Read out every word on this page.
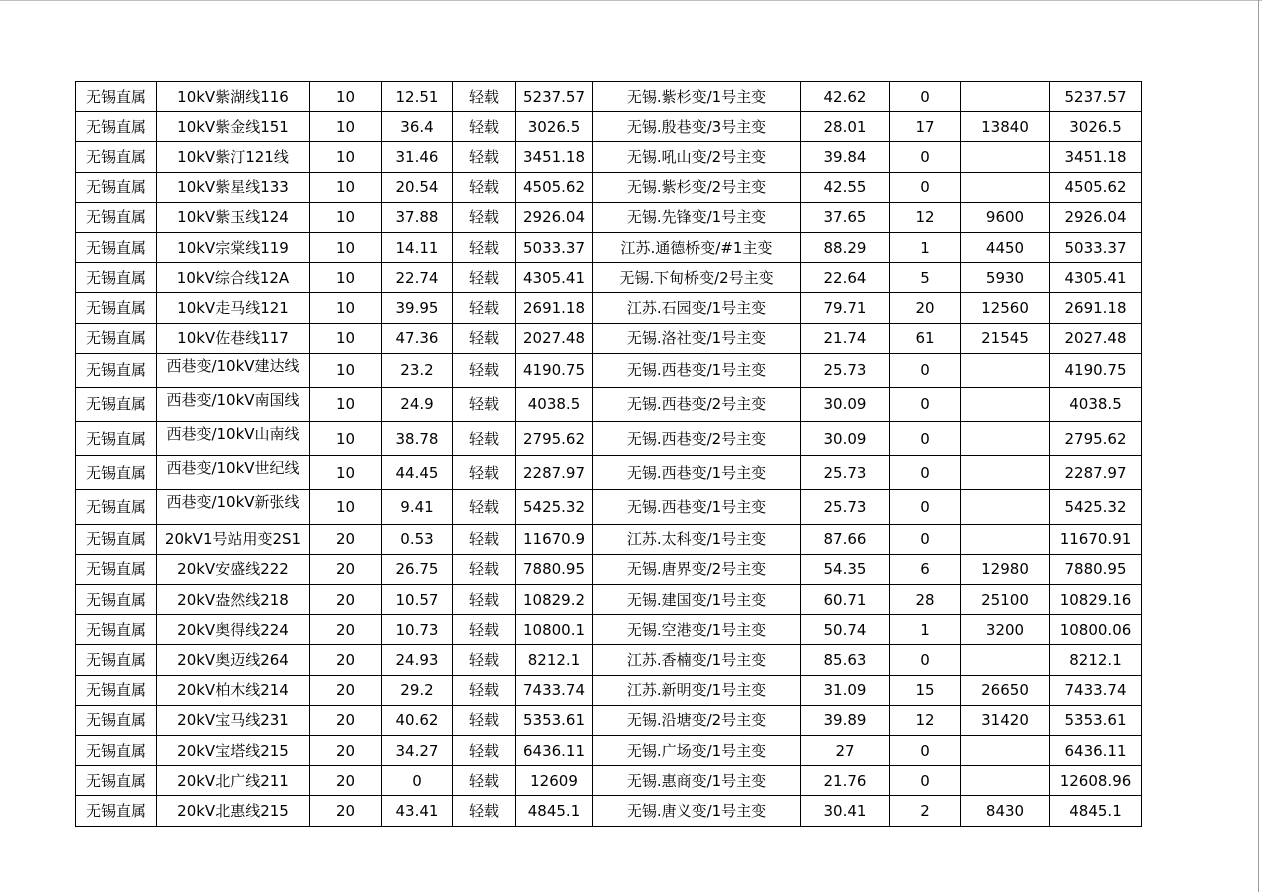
无锡直属	10kV紫湖线116	10	12.51	轻载	5237.57	无锡.紫杉变/1号主变	42.62	0		5237.57
无锡直属	10kV紫金线151	10	36.4	轻载	3026.5	无锡.殷巷变/3号主变	28.01	17	13840	3026.5
无锡直属	10kV紫汀121线	10	31.46	轻载	3451.18	无锡.吼山变/2号主变	39.84	0		3451.18
无锡直属	10kV紫星线133	10	20.54	轻载	4505.62	无锡.紫杉变/2号主变	42.55	0		4505.62
无锡直属	10kV紫玉线124	10	37.88	轻载	2926.04	无锡.先锋变/1号主变	37.65	12	9600	2926.04
无锡直属	10kV宗棠线119	10	14.11	轻载	5033.37	江苏.通德桥变/#1主变	88.29	1	4450	5033.37
无锡直属	10kV综合线12A	10	22.74	轻载	4305.41	无锡.下甸桥变/2号主变	22.64	5	5930	4305.41
无锡直属	10kV走马线121	10	39.95	轻载	2691.18	江苏.石园变/1号主变	79.71	20	12560	2691.18
无锡直属	10kV佐巷线117	10	47.36	轻载	2027.48	无锡.洛社变/1号主变	21.74	61	21545	2027.48
无锡直属	西巷变/10kV建达线	10	23.2	轻载	4190.75	无锡.西巷变/1号主变	25.73	0		4190.75
无锡直属	西巷变/10kV南国线	10	24.9	轻载	4038.5	无锡.西巷变/2号主变	30.09	0		4038.5
无锡直属	西巷变/10kV山南线	10	38.78	轻载	2795.62	无锡.西巷变/2号主变	30.09	0		2795.62
无锡直属	西巷变/10kV世纪线	10	44.45	轻载	2287.97	无锡.西巷变/1号主变	25.73	0		2287.97
无锡直属	西巷变/10kV新张线	10	9.41	轻载	5425.32	无锡.西巷变/1号主变	25.73	0		5425.32
无锡直属	20kV1号站用变2S1	20	0.53	轻载	11670.9	江苏.太科变/1号主变	87.66	0		11670.91
无锡直属	20kV安盛线222	20	26.75	轻载	7880.95	无锡.唐界变/2号主变	54.35	6	12980	7880.95
无锡直属	20kV盎然线218	20	10.57	轻载	10829.2	无锡.建国变/1号主变	60.71	28	25100	10829.16
无锡直属	20kV奥得线224	20	10.73	轻载	10800.1	无锡.空港变/1号主变	50.74	1	3200	10800.06
无锡直属	20kV奥迈线264	20	24.93	轻载	8212.1	江苏.香楠变/1号主变	85.63	0		8212.1
无锡直属	20kV柏木线214	20	29.2	轻载	7433.74	江苏.新明变/1号主变	31.09	15	26650	7433.74
无锡直属	20kV宝马线231	20	40.62	轻载	5353.61	无锡.沿塘变/2号主变	39.89	12	31420	5353.61
无锡直属	20kV宝塔线215	20	34.27	轻载	6436.11	无锡.广场变/1号主变	27	0		6436.11
无锡直属	20kV北广线211	20	0	轻载	12609	无锡.惠商变/1号主变	21.76	0		12608.96
无锡直属	20kV北惠线215	20	43.41	轻载	4845.1	无锡.唐义变/1号主变	30.41	2	8430	4845.1
